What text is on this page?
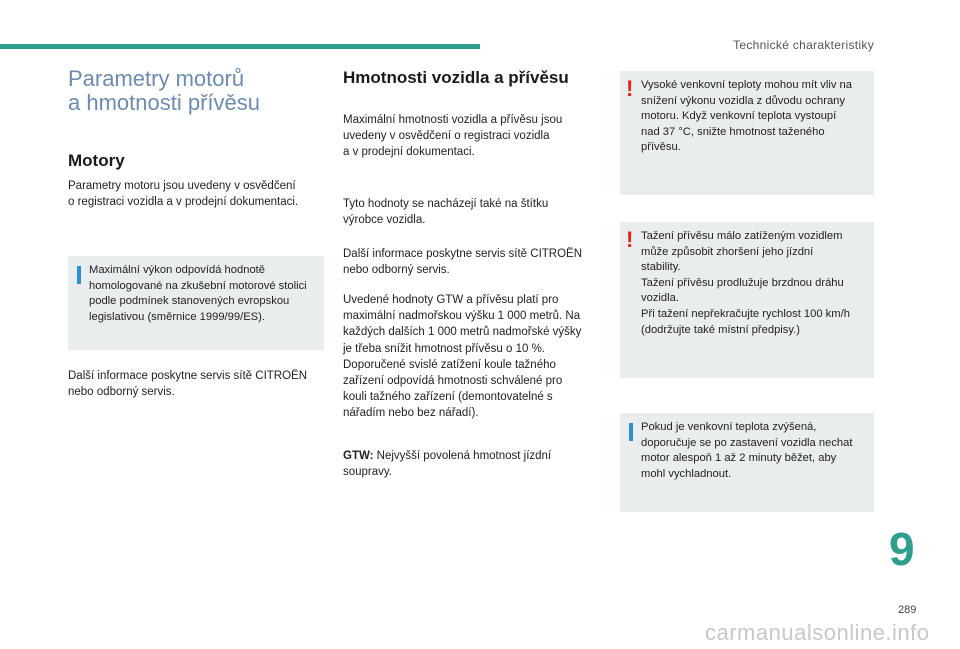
Technické charakteristiky
Parametry motorů
a hmotnosti přívěsu
Motory

Parametry motoru jsou uvedeny v osvědčení
o registraci vozidla a v prodejní dokumentaci.

Maximální výkon odpovídá hodnotě
homologované na zkušební motorové stolici
podle podmínek stanovených evropskou
legislativou (směrnice 1999/99/ES).

Další informace poskytne servis sítě CITROËN
nebo odborný servis.

Hmotnosti vozidla a přívěsu

Maximální hmotnosti vozidla a přívěsu jsou
uvedeny v osvědčení o registraci vozidla
a v prodejní dokumentaci.

Tyto hodnoty se nacházejí také na štítku
výrobce vozidla.

Další informace poskytne servis sítě CITROËN
nebo odborný servis.

Uvedené hodnoty GTW a přívěsu platí pro
maximální nadmořskou výšku 1 000 metrů. Na
každých dalších 1 000 metrů nadmořské výšky
je třeba snížit hmotnost přívěsu o 10 %.
Doporučené svislé zatížení koule tažného
zařízení odpovídá hmotnosti schválené pro
kouli tažného zařízení (demontovatelné s
nářadím nebo bez nářadí).

GTW: Nejvyšší povolená hmotnost jízdní
soupravy.

! Vysoké venkovní teploty mohou mít vliv na
snížení výkonu vozidla z důvodu ochrany
motoru. Když venkovní teplota vystoupí
nad 37 °C, snižte hmotnost taženého
přívěsu.
! Tažení přívěsu málo zatíženým vozidlem
může způsobit zhoršení jeho jízdní
stability.
Tažení přívěsu prodlužuje brzdnou dráhu
vozidla.
Při tažení nepřekračujte rychlost 100 km/h
(dodržujte také místní předpisy.)
Pokud je venkovní teplota zvýšená,
doporučuje se po zastavení vozidla nechat
motor alespoň 1 až 2 minuty běžet, aby
mohl vychladnout.
9
289
carmanualsonline.info
